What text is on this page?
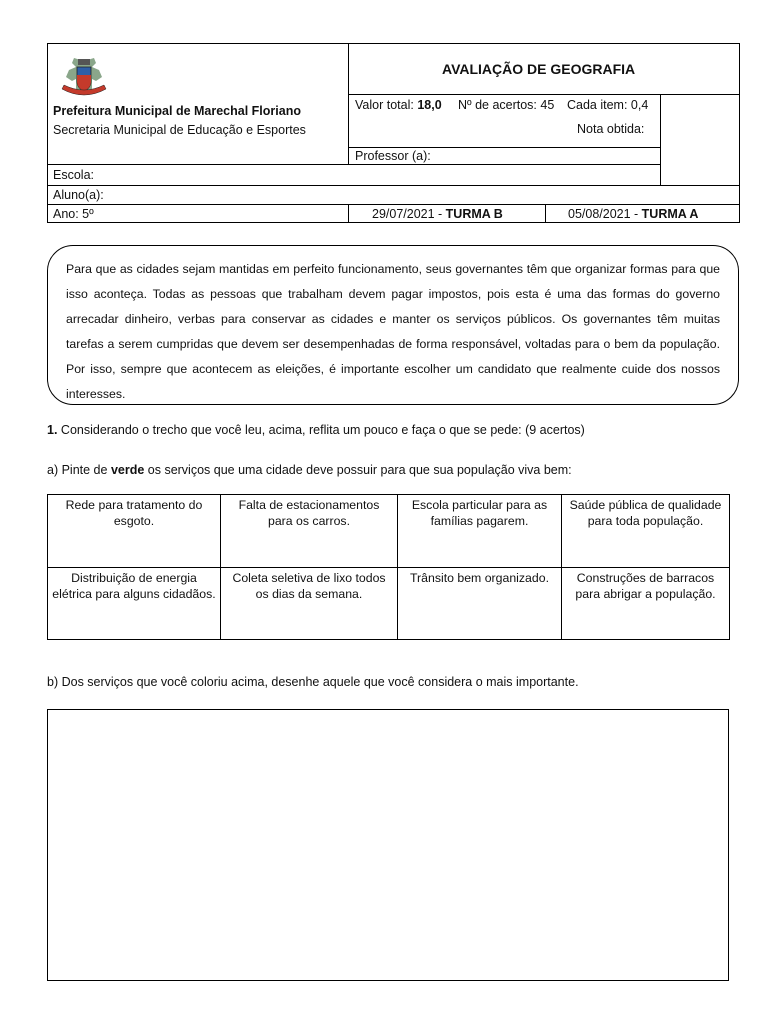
Prefeitura Municipal de Marechal Floriano
Secretaria Municipal de Educação e Esportes
AVALIAÇÃO DE GEOGRAFIA
Valor total: 18,0 Nº de acertos: 45 Cada item: 0,4
Nota obtida:
Professor (a):
Escola:
Aluno(a):
Ano: 5º	29/07/2021 - TURMA B	05/08/2021 - TURMA A

Para que as cidades sejam mantidas em perfeito funcionamento, seus governantes têm que organizar formas para que isso aconteça. Todas as pessoas que trabalham devem pagar impostos, pois esta é uma das formas do governo arrecadar dinheiro, verbas para conservar as cidades e manter os serviços públicos. Os governantes têm muitas tarefas a serem cumpridas que devem ser desempenhadas de forma responsável, voltadas para o bem da população. Por isso, sempre que acontecem as eleições, é importante escolher um candidato que realmente cuide dos nossos interesses.

1. Considerando o trecho que você leu, acima, reflita um pouco e faça o que se pede: (9 acertos)
a) Pinte de verde os serviços que uma cidade deve possuir para que sua população viva bem:
Rede para tratamento do esgoto.	Falta de estacionamentos para os carros.	Escola particular para as famílias pagarem.	Saúde pública de qualidade para toda população.
Distribuição de energia elétrica para alguns cidadãos.	Coleta seletiva de lixo todos os dias da semana.	Trânsito bem organizado.	Construções de barracos para abrigar a população.
b) Dos serviços que você coloriu acima, desenhe aquele que você considera o mais importante.
